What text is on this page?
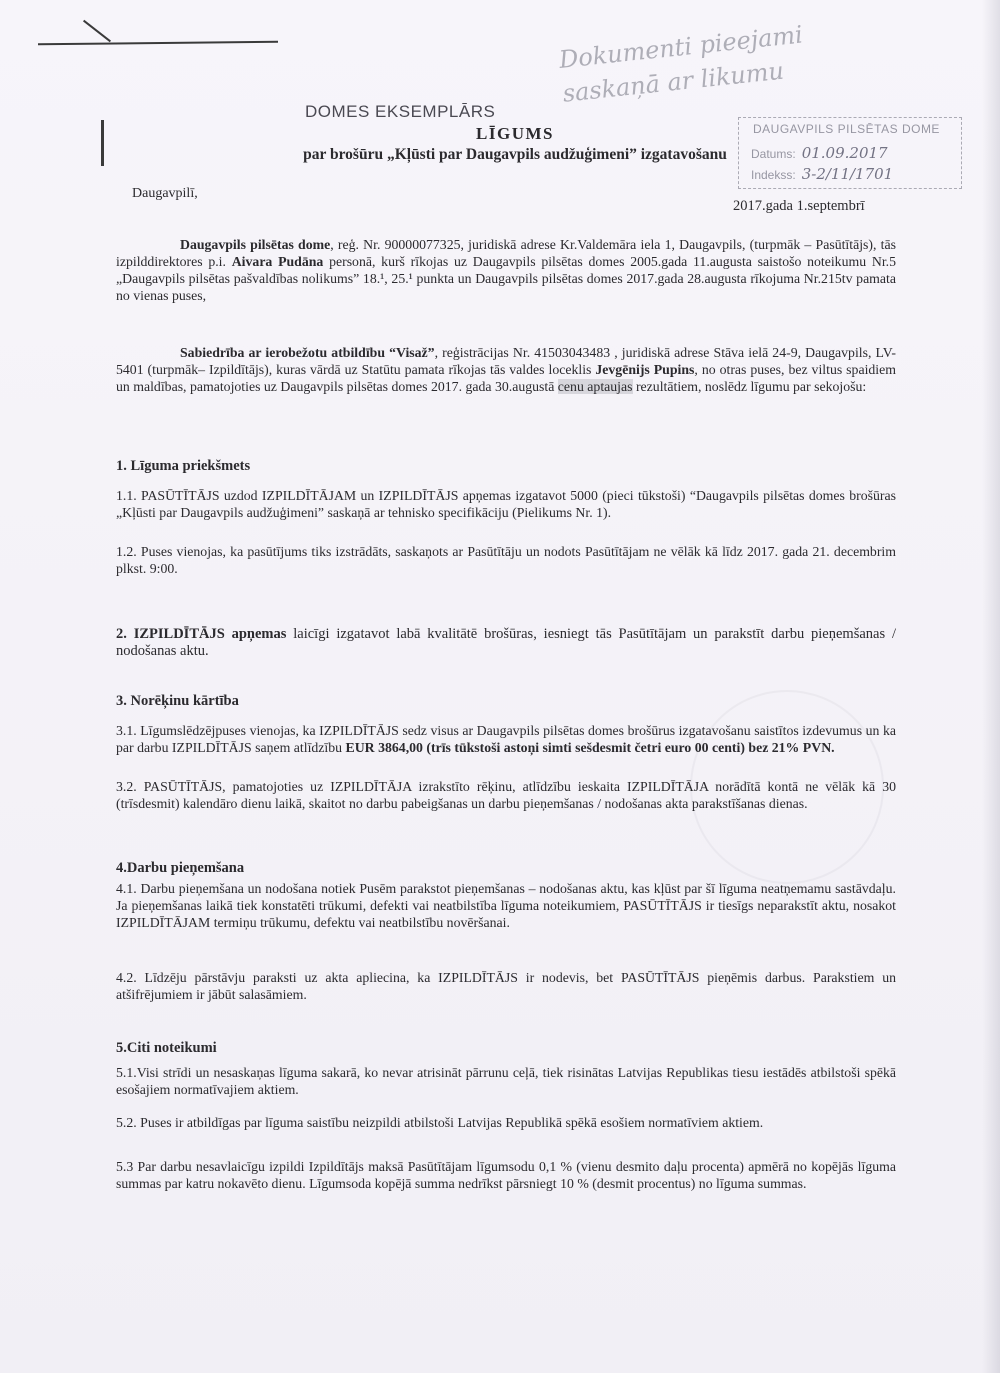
Dokumenti pieejami
saskaņā ar likumu
DOMES EKSEMPLĀRS
DAUGAVPILS PILSĒTAS DOME
Datums: 01.09.2017
Indekss: 3-2/11/1701
LĪGUMS
par brošūru „Kļūsti par Daugavpils audžuģimeni” izgatavošanu
Daugavpilī,
2017.gada 1.septembrī
Daugavpils pilsētas dome, reģ. Nr. 90000077325, juridiskā adrese Kr.Valdemāra iela 1, Daugavpils, (turpmāk – Pasūtītājs), tās izpilddirektores p.i. Aivara Pudāna personā, kurš rīkojas uz Daugavpils pilsētas domes 2005.gada 11.augusta saistošo noteikumu Nr.5 „Daugavpils pilsētas pašvaldības nolikums” 18.¹, 25.¹ punkta un Daugavpils pilsētas domes 2017.gada 28.augusta rīkojuma Nr.215tv pamata no vienas puses,
Sabiedrība ar ierobežotu atbildību “Visaž”, reģistrācijas Nr. 41503043483 , juridiskā adrese Stāva ielā 24-9, Daugavpils, LV-5401 (turpmāk– Izpildītājs), kuras vārdā uz Statūtu pamata rīkojas tās valdes loceklis Jevgēnijs Pupins, no otras puses, bez viltus spaidiem un maldības, pamatojoties uz Daugavpils pilsētas domes 2017. gada 30.augustā cenu aptaujas rezultātiem, noslēdz līgumu par sekojošu:
1. Līguma priekšmets
1.1. PASŪTĪTĀJS uzdod IZPILDĪTĀJAM un IZPILDĪTĀJS apņemas izgatavot 5000 (pieci tūkstoši) “Daugavpils pilsētas domes brošūras „Kļūsti par Daugavpils audžuģimeni” saskaņā ar tehnisko specifikāciju (Pielikums Nr. 1).
1.2. Puses vienojas, ka pasūtījums tiks izstrādāts, saskaņots ar Pasūtītāju un nodots Pasūtītājam ne vēlāk kā līdz 2017. gada 21. decembrim plkst. 9:00.
2. IZPILDĪTĀJS apņemas laicīgi izgatavot labā kvalitātē brošūras, iesniegt tās Pasūtītājam un parakstīt darbu pieņemšanas / nodošanas aktu.
3. Norēķinu kārtība
3.1. Līgumslēdzējpuses vienojas, ka IZPILDĪTĀJS sedz visus ar Daugavpils pilsētas domes brošūrus izgatavošanu saistītos izdevumus un ka par darbu IZPILDĪTĀJS saņem atlīdzību EUR 3864,00 (trīs tūkstoši astoņi simti sešdesmit četri euro 00 centi) bez 21% PVN.
3.2. PASŪTĪTĀJS, pamatojoties uz IZPILDĪTĀJA izrakstīto rēķinu, atlīdzību ieskaita IZPILDĪTĀJA norādītā kontā ne vēlāk kā 30 (trīsdesmit) kalendāro dienu laikā, skaitot no darbu pabeigšanas un darbu pieņemšanas / nodošanas akta parakstīšanas dienas.
4.Darbu pieņemšana
4.1. Darbu pieņemšana un nodošana notiek Pusēm parakstot pieņemšanas – nodošanas aktu, kas kļūst par šī līguma neatņemamu sastāvdaļu. Ja pieņemšanas laikā tiek konstatēti trūkumi, defekti vai neatbilstība līguma noteikumiem, PASŪTĪTĀJS ir tiesīgs neparakstīt aktu, nosakot IZPILDĪTĀJAM termiņu trūkumu, defektu vai neatbilstību novēršanai.
4.2. Līdzēju pārstāvju paraksti uz akta apliecina, ka IZPILDĪTĀJS ir nodevis, bet PASŪTĪTĀJS pieņēmis darbus. Parakstiem un atšifrējumiem ir jābūt salasāmiem.
5.Citi noteikumi
5.1.Visi strīdi un nesaskaņas līguma sakarā, ko nevar atrisināt pārrunu ceļā, tiek risinātas Latvijas Republikas tiesu iestādēs atbilstoši spēkā esošajiem normatīvajiem aktiem.
5.2. Puses ir atbildīgas par līguma saistību neizpildi atbilstoši Latvijas Republikā spēkā esošiem normatīviem aktiem.
5.3 Par darbu nesavlaicīgu izpildi Izpildītājs maksā Pasūtītājam līgumsodu 0,1 % (vienu desmito daļu procenta) apmērā no kopējās līguma summas par katru nokavēto dienu. Līgumsoda kopējā summa nedrīkst pārsniegt 10 % (desmit procentus) no līguma summas.
